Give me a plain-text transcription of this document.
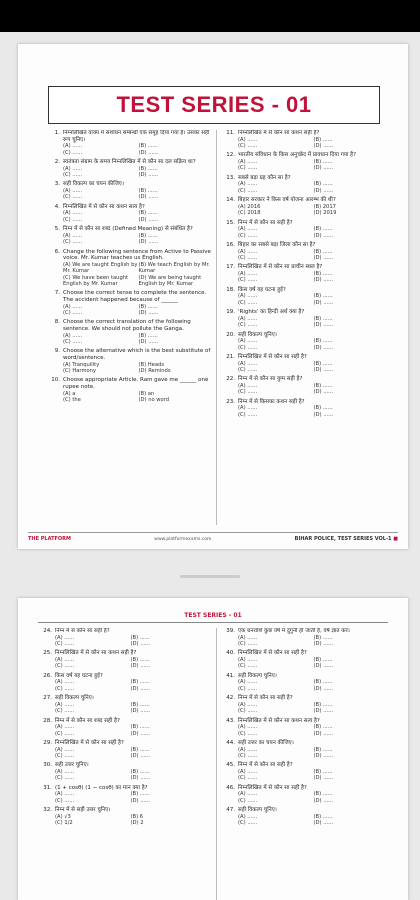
TEST SERIES - 01
1. निम्नलिखित वाक्य में संशोधन सम्बन्धी एक समूह दिया गया है। उसका सही रूप चुनिए।
(A) ......	(B) ......
(C) ......	(D) ......
2. स्वतंत्रता संग्राम के समय निम्नलिखित में से कौन सा दल सक्रिय था?
(A) ......	(B) ......
(C) ......	(D) ......
3. सही विकल्प का चयन कीजिए।
(A) ......	(B) ......
(C) ......	(D) ......
4. निम्नलिखित में से कौन सा कथन सत्य है?
(A) ......	(B) ......
(C) ......	(D) ......
5. निम्न में से कौन सा शब्द (Defined Meaning) से संबंधित है?
(A) ......	(B) ......
(C) ......	(D) ......
6. Change the following sentence from Active to Passive voice. Mr. Kumar teaches us English.
(A) We are taught English by Mr. Kumar
(B) We teach English by Mr. Kumar
(C) We have been taught English by Mr. Kumar
(D) We are being taught English by Mr. Kumar
7. Choose the correct tense to complete the sentence. The accident happened because of ______
(A) ......	(B) ......
(C) ......	(D) ......
8. Choose the correct translation of the following sentence. We should not pollute the Ganga.
(A) ......	(B) ......
(C) ......	(D) ......
9. Choose the alternative which is the best substitute of word/sentence.
(A) Tranquility	(B) Heads
(C) Harmony	(D) Reminds
10. Choose appropriate Article. Ram gave me ______ one rupee note.
(A) a	(B) an
(C) the	(D) no word
11. निम्नलिखित में से कौन सा कथन सही है?
(A) ......	(B) ......
(C) ......	(D) ......
12. भारतीय संविधान के किस अनुच्छेद में प्रावधान दिया गया है?
(A) ......	(B) ......
(C) ......	(D) ......
13. सबसे बड़ा ग्रह कौन सा है?
(A) ......	(B) ......
(C) ......	(D) ......
14. बिहार सरकार ने किस वर्ष योजना आरम्भ की थी?
(A) 2016	(B) 2017
(C) 2018	(D) 2019
15. निम्न में से कौन सा सही है?
(A) ......	(B) ......
(C) ......	(D) ......
16. बिहार का सबसे बड़ा जिला कौन सा है?
(A) ......	(B) ......
(C) ......	(D) ......
17. निम्नलिखित में से कौन सा प्राचीन स्थल है?
(A) ......	(B) ......
(C) ......	(D) ......
18. किस वर्ष यह घटना हुई?
(A) ......	(B) ......
(C) ......	(D) ......
19. 'Rights' का हिन्दी अर्थ क्या है?
(A) ......	(B) ......
(C) ......	(D) ......
20. सही विकल्प चुनिए।
(A) ......	(B) ......
(C) ......	(D) ......
21. निम्नलिखित में से कौन सा सही है?
(A) ......	(B) ......
(C) ......	(D) ......
22. निम्न में से कौन सा युग्म सही है?
(A) ......	(B) ......
(C) ......	(D) ......
23. निम्न में से किसका कथन सही है?
(A) ......	(B) ......
(C) ......	(D) ......
THE PLATFORM	www.platformexams.com	BIHAR POLICE, TEST SERIES VOL-1 ■
TEST SERIES - 01
24. निम्न में से कौन सा सही है?
(A) ......	(B) ......
(C) ......	(D) ......
25. निम्नलिखित में से कौन सा कथन सही है?
(A) ......	(B) ......
(C) ......	(D) ......
26. किस वर्ष यह घटना हुई?
(A) ......	(B) ......
(C) ......	(D) ......
27. सही विकल्प चुनिए।
(A) ......	(B) ......
(C) ......	(D) ......
28. निम्न में से कौन सा शब्द सही है?
(A) ......	(B) ......
(C) ......	(D) ......
29. निम्नलिखित में से कौन सा सही है?
(A) ......	(B) ......
(C) ......	(D) ......
30. सही उत्तर चुनिए।
(A) ......	(B) ......
(C) ......	(D) ......
31. (1 + cosθ) (1 − cosθ) का मान क्या है?
(A) ......	(B) ......
(C) ......	(D) ......
32. निम्न में से सही उत्तर चुनिए।
(A) √3	(B) 6
(C) 1/2	(D) 2
39. एक धनराशि कुछ वर्ष में दुगुनी हो जाती है, वर्ष ज्ञात करें।
(A) ......	(B) ......
(C) ......	(D) ......
40. निम्नलिखित में से कौन सा सही है?
(A) ......	(B) ......
(C) ......	(D) ......
41. सही विकल्प चुनिए।
(A) ......	(B) ......
(C) ......	(D) ......
42. निम्न में से कौन सा सही है?
(A) ......	(B) ......
(C) ......	(D) ......
43. निम्नलिखित में से कौन सा कथन सत्य है?
(A) ......	(B) ......
(C) ......	(D) ......
44. सही उत्तर का चयन कीजिए।
(A) ......	(B) ......
(C) ......	(D) ......
45. निम्न में से कौन सा सही है?
(A) ......	(B) ......
(C) ......	(D) ......
46. निम्नलिखित में से कौन सा सही है?
(A) ......	(B) ......
(C) ......	(D) ......
47. सही विकल्प चुनिए।
(A) ......	(B) ......
(C) ......	(D) ......
